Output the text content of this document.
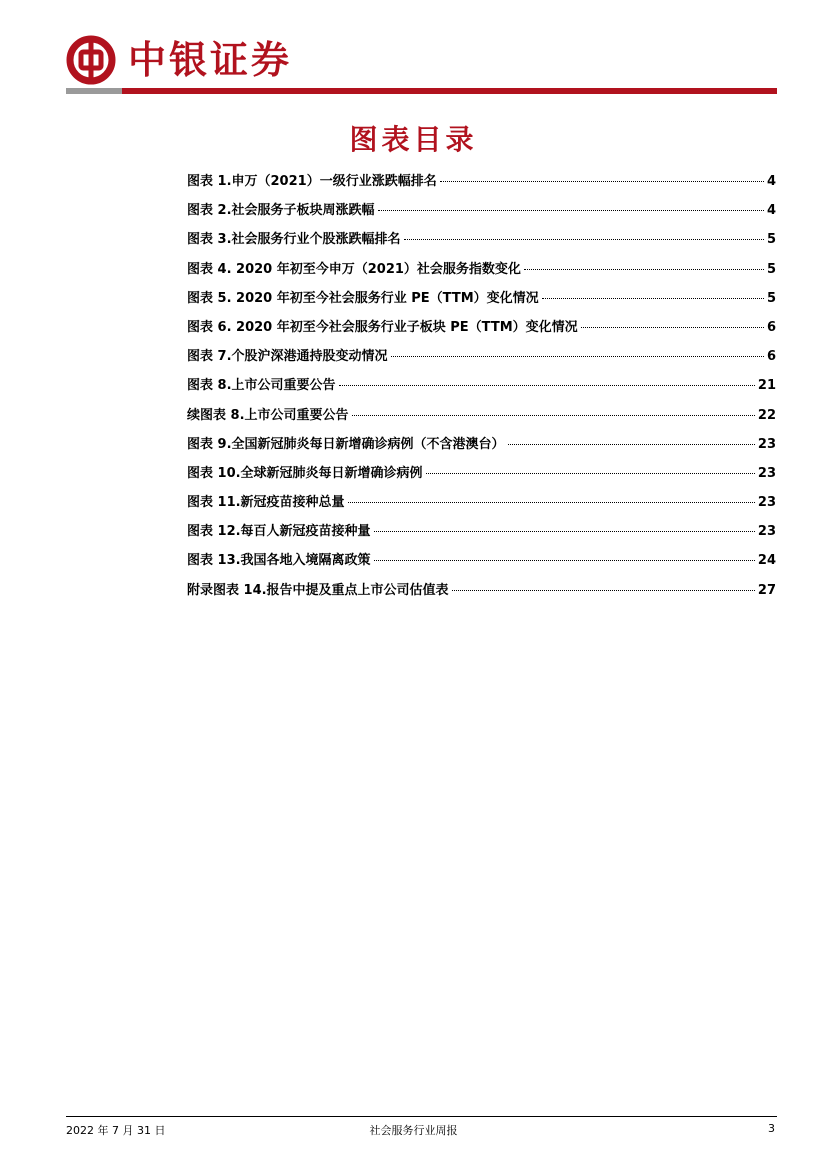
中银证券
图表目录
图表 1.申万（2021）一级行业涨跌幅排名	4
图表 2.社会服务子板块周涨跌幅	4
图表 3.社会服务行业个股涨跌幅排名	5
图表 4. 2020 年初至今申万（2021）社会服务指数变化	5
图表 5. 2020 年初至今社会服务行业 PE（TTM）变化情况	5
图表 6. 2020 年初至今社会服务行业子板块 PE（TTM）变化情况	6
图表 7.个股沪深港通持股变动情况	6
图表 8.上市公司重要公告	21
续图表 8.上市公司重要公告	22
图表 9.全国新冠肺炎每日新增确诊病例（不含港澳台）	23
图表 10.全球新冠肺炎每日新增确诊病例	23
图表 11.新冠疫苗接种总量	23
图表 12.每百人新冠疫苗接种量	23
图表 13.我国各地入境隔离政策	24
附录图表 14.报告中提及重点上市公司估值表	27
2022 年 7 月 31 日	社会服务行业周报	3
